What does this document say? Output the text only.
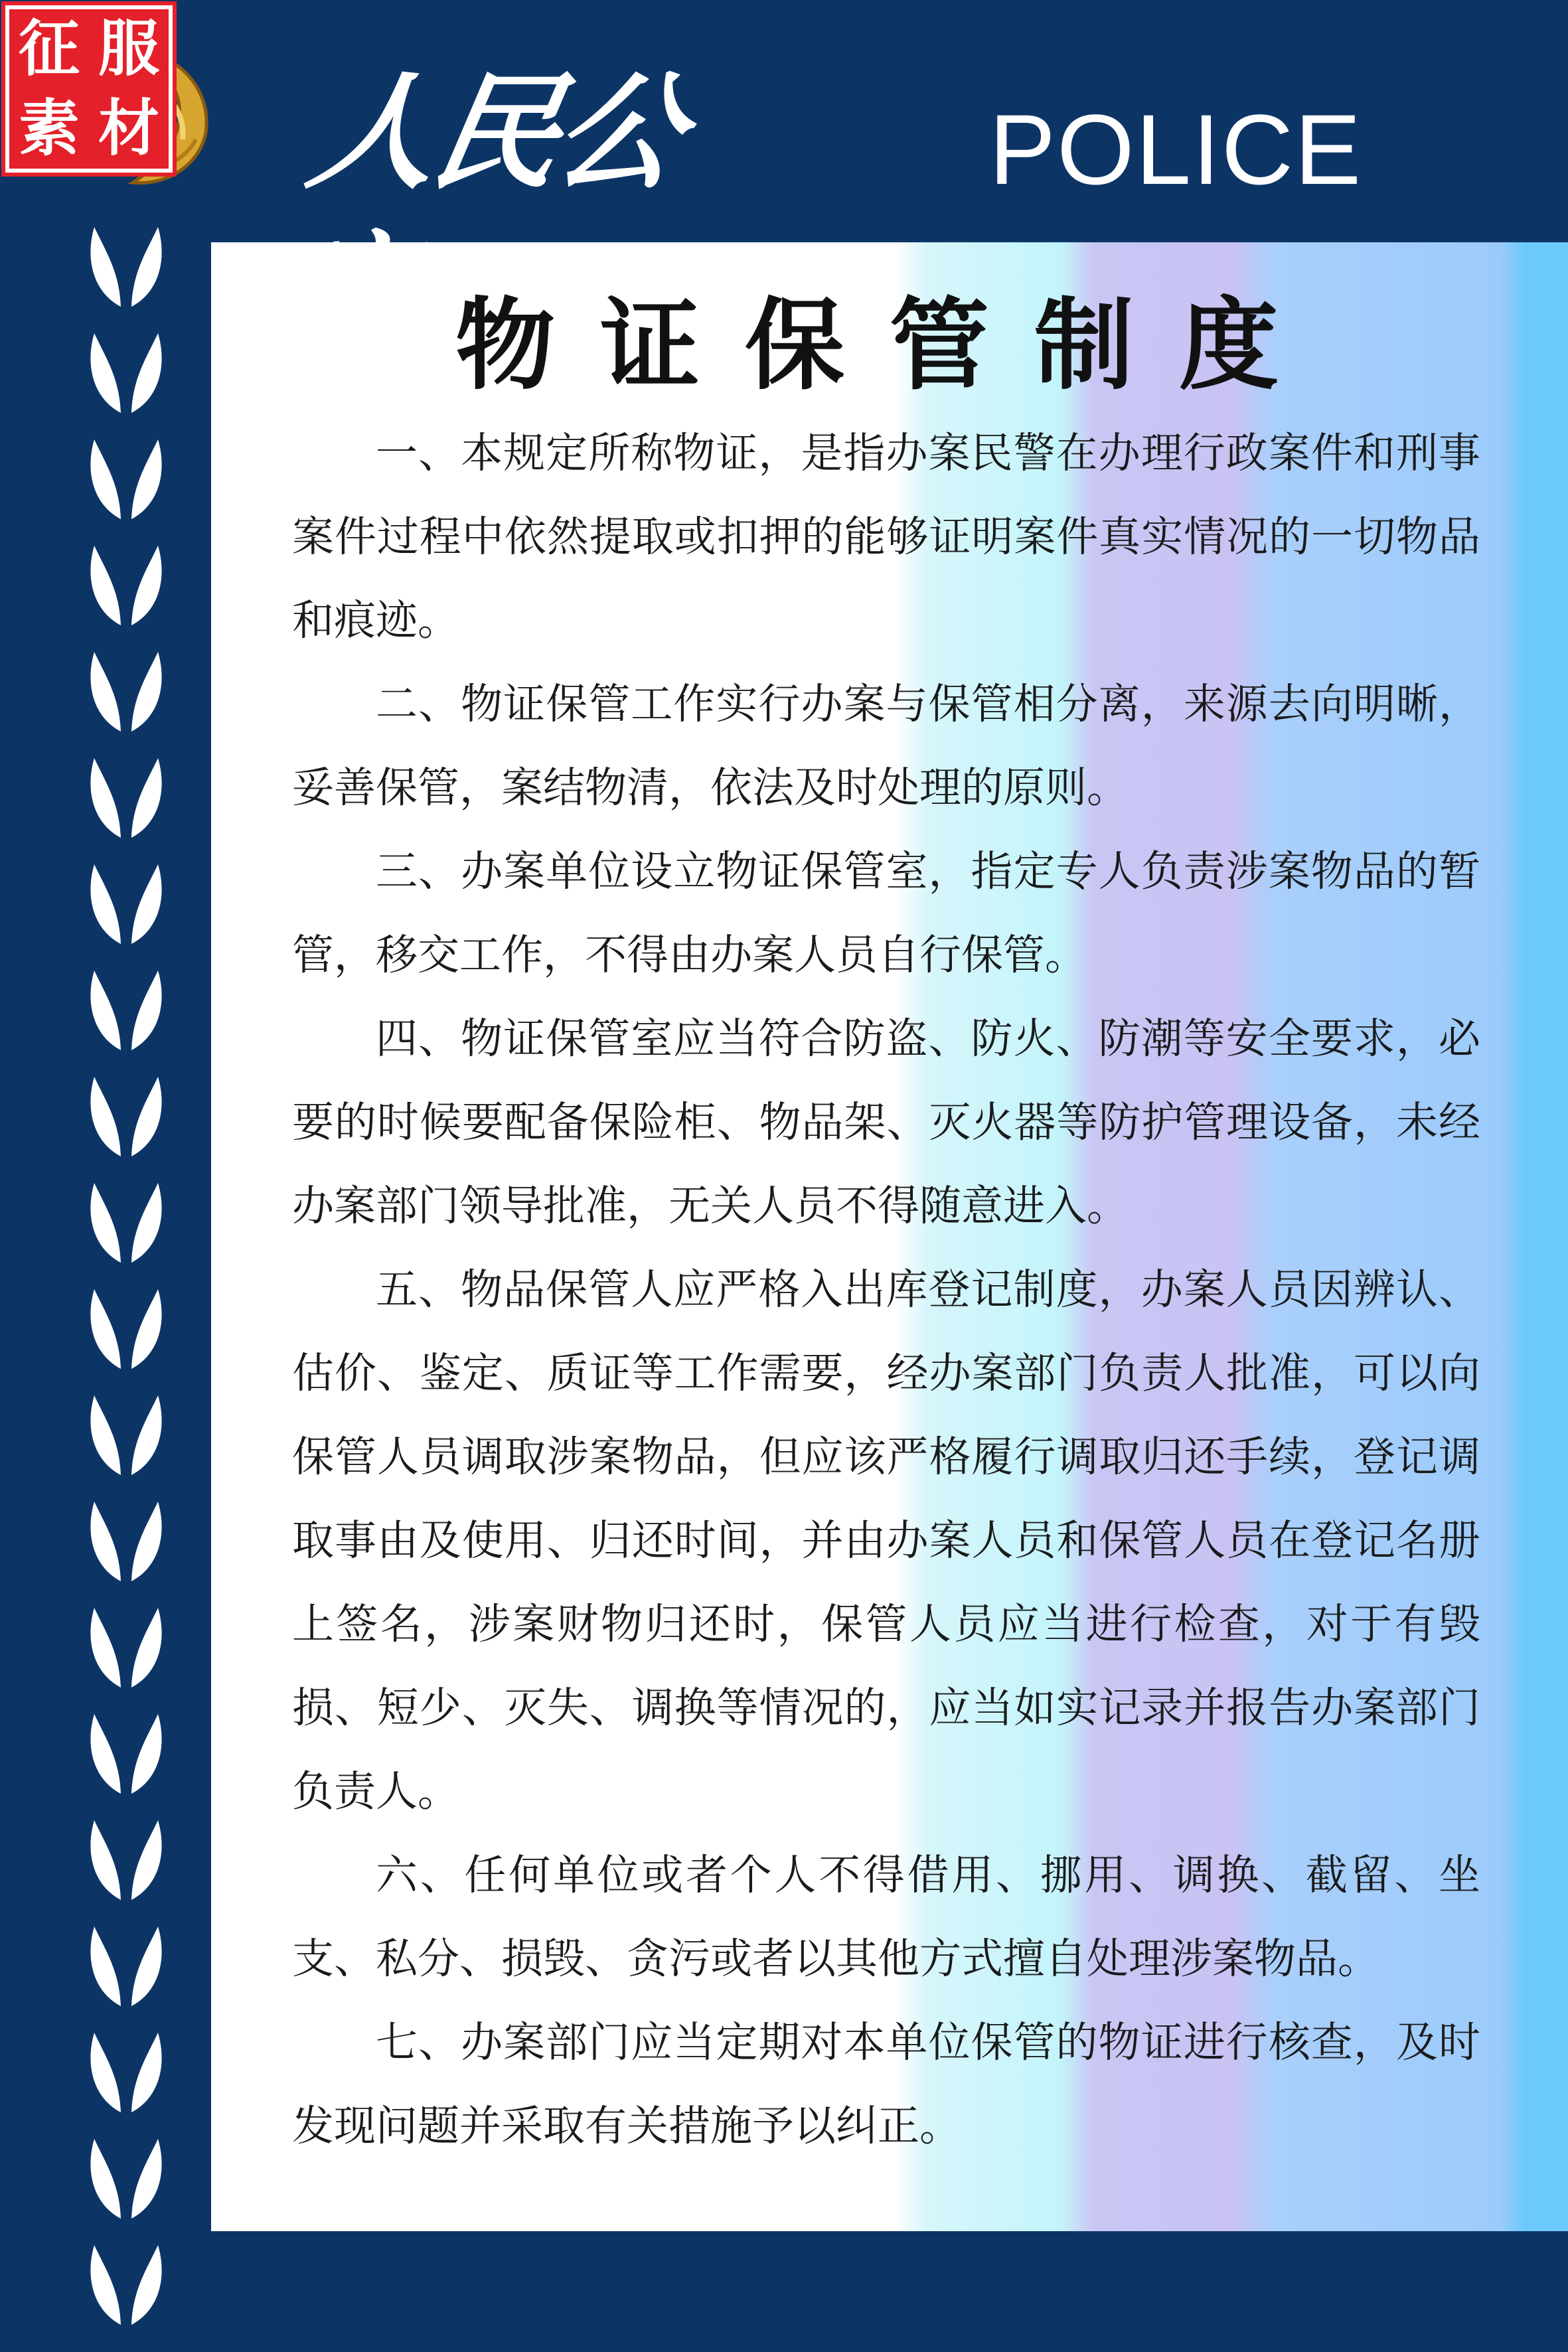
征 服
素 材 人民公安
POLICE
物证保管制度

一、本规定所称物证，是指办案民警在办理行政案件和刑事案件过程中依然提取或扣押的能够证明案件真实情况的一切物品和痕迹。

二、物证保管工作实行办案与保管相分离，来源去向明晰，妥善保管，案结物清，依法及时处理的原则。

三、办案单位设立物证保管室，指定专人负责涉案物品的暂管，移交工作，不得由办案人员自行保管。

四、物证保管室应当符合防盗、防火、防潮等安全要求，必要的时候要配备保险柜、物品架、灭火器等防护管理设备，未经办案部门领导批准，无关人员不得随意进入。

五、物品保管人应严格入出库登记制度，办案人员因辨认、估价、鉴定、质证等工作需要，经办案部门负责人批准，可以向保管人员调取涉案物品，但应该严格履行调取归还手续，登记调取事由及使用、归还时间，并由办案人员和保管人员在登记名册上签名，涉案财物归还时，保管人员应当进行检查，对于有毁损、短少、灭失、调换等情况的，应当如实记录并报告办案部门负责人。

六、任何单位或者个人不得借用、挪用、调换、截留、坐支、私分、损毁、贪污或者以其他方式擅自处理涉案物品。

七、办案部门应当定期对本单位保管的物证进行核查，及时发现问题并采取有关措施予以纠正。
